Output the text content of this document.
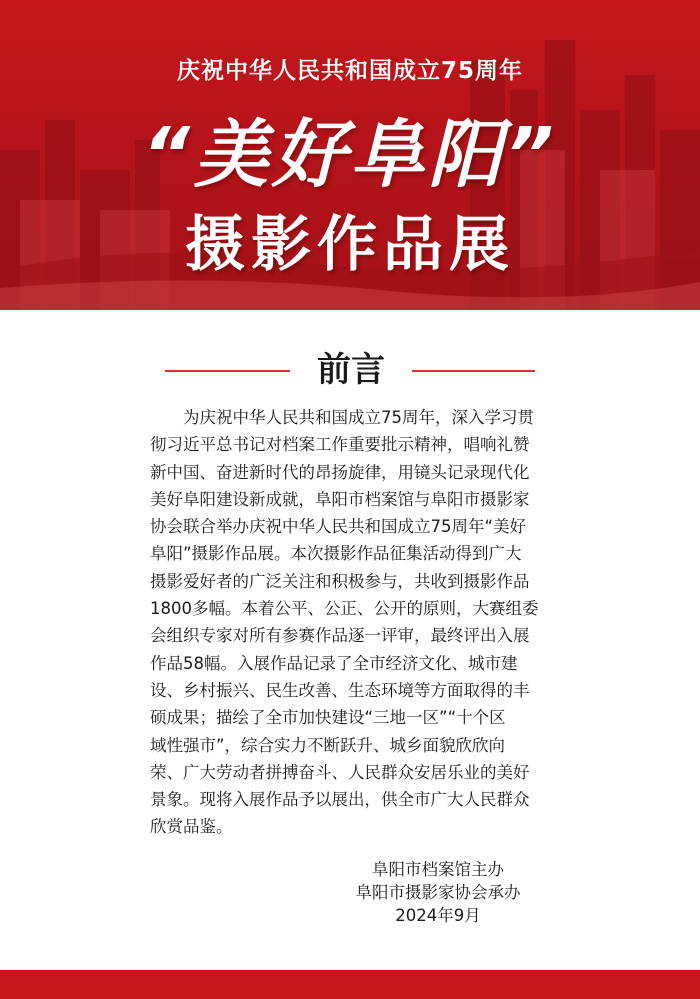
庆祝中华人民共和国成立75周年
“美好阜阳”
摄影作品展
前言
　　为庆祝中华人民共和国成立75周年，深入学习贯
彻习近平总书记对档案工作重要批示精神，唱响礼赞
新中国、奋进新时代的昂扬旋律，用镜头记录现代化
美好阜阳建设新成就，阜阳市档案馆与阜阳市摄影家
协会联合举办庆祝中华人民共和国成立75周年“美好
阜阳”摄影作品展。本次摄影作品征集活动得到广大
摄影爱好者的广泛关注和积极参与，共收到摄影作品
1800多幅。本着公平、公正、公开的原则，大赛组委
会组织专家对所有参赛作品逐一评审，最终评出入展
作品58幅。入展作品记录了全市经济文化、城市建
设、乡村振兴、民生改善、生态环境等方面取得的丰
硕成果；描绘了全市加快建设“三地一区”“十个区
域性强市”，综合实力不断跃升、城乡面貌欣欣向
荣、广大劳动者拼搏奋斗、人民群众安居乐业的美好
景象。现将入展作品予以展出，供全市广大人民群众
欣赏品鉴。
阜阳市档案馆主办
阜阳市摄影家协会承办
2024年9月
